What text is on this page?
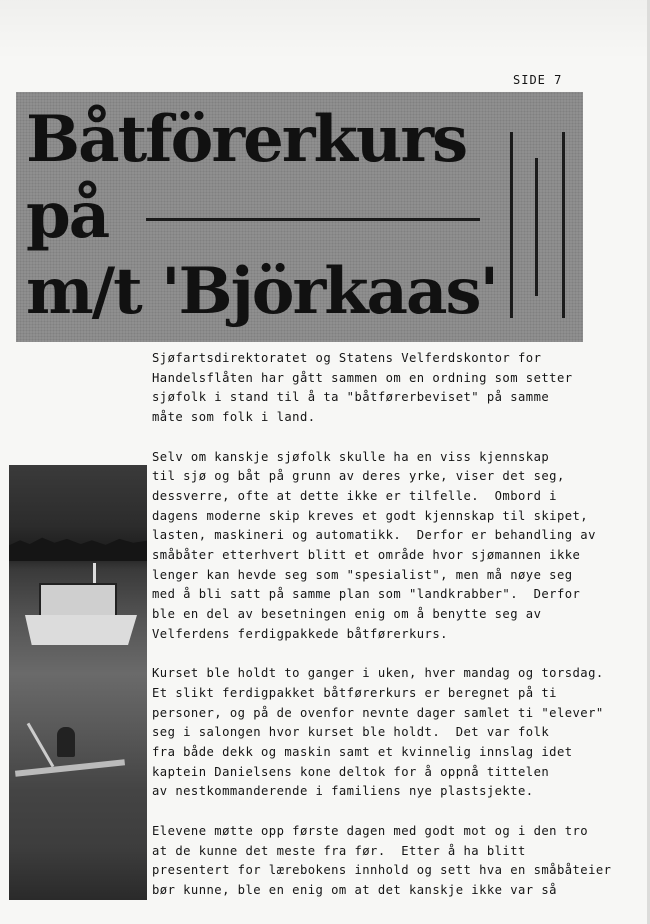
SIDE 7
Båtförerkurs
på
m/t 'Björkaas'

Sjøfartsdirektoratet og Statens Velferdskontor for
Handelsflåten har gått sammen om en ordning som setter
sjøfolk i stand til å ta "båtførerbeviset" på samme
måte som folk i land.

Selv om kanskje sjøfolk skulle ha en viss kjennskap
til sjø og båt på grunn av deres yrke, viser det seg,
dessverre, ofte at dette ikke er tilfelle.  Ombord i
dagens moderne skip kreves et godt kjennskap til skipet,
lasten, maskineri og automatikk.  Derfor er behandling av
småbåter etterhvert blitt et område hvor sjømannen ikke
lenger kan hevde seg som "spesialist", men må nøye seg
med å bli satt på samme plan som "landkrabber".  Derfor
ble en del av besetningen enig om å benytte seg av
Velferdens ferdigpakkede båtførerkurs.

Kurset ble holdt to ganger i uken, hver mandag og torsdag.
Et slikt ferdigpakket båtførerkurs er beregnet på ti
personer, og på de ovenfor nevnte dager samlet ti "elever"
seg i salongen hvor kurset ble holdt.  Det var folk
fra både dekk og maskin samt et kvinnelig innslag idet
kaptein Danielsens kone deltok for å oppnå tittelen
av nestkommanderende i familiens nye plastsjekte.

Elevene møtte opp første dagen med godt mot og i den tro
at de kunne det meste fra før.  Etter å ha blitt
presentert for lærebokens innhold og sett hva en småbåteier
bør kunne, ble en enig om at det kanskje ikke var så
